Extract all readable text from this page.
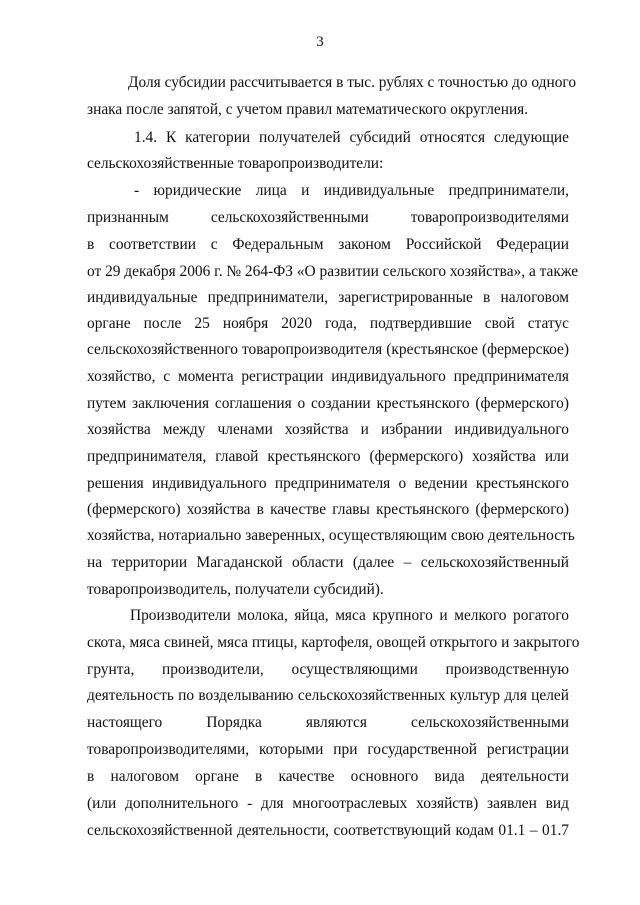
3
Доля субсидии рассчитывается в тыс. рублях с точностью до одного
знака после запятой, с учетом правил математического округления.
1.4. К категории получателей субсидий относятся следующие
сельскохозяйственные товаропроизводители:
- юридические лица и индивидуальные предприниматели,
признанным сельскохозяйственными товаропроизводителями
в соответствии с Федеральным законом Российской Федерации
от 29 декабря 2006 г. № 264-ФЗ «О развитии сельского хозяйства», а также
индивидуальные предприниматели, зарегистрированные в налоговом
органе после 25 ноября 2020 года, подтвердившие свой статус
сельскохозяйственного товаропроизводителя (крестьянское (фермерское)
хозяйство, с момента регистрации индивидуального предпринимателя
путем заключения соглашения о создании крестьянского (фермерского)
хозяйства между членами хозяйства и избрании индивидуального
предпринимателя, главой крестьянского (фермерского) хозяйства или
решения индивидуального предпринимателя о ведении крестьянского
(фермерского) хозяйства в качестве главы крестьянского (фермерского)
хозяйства, нотариально заверенных, осуществляющим свою деятельность
на территории Магаданской области (далее – сельскохозяйственный
товаропроизводитель, получатели субсидий).
Производители молока, яйца, мяса крупного и мелкого рогатого
скота, мяса свиней, мяса птицы, картофеля, овощей открытого и закрытого
грунта, производители, осуществляющими производственную
деятельность по возделыванию сельскохозяйственных культур для целей
настоящего Порядка являются сельскохозяйственными
товаропроизводителями, которыми при государственной регистрации
в налоговом органе в качестве основного вида деятельности
(или дополнительного - для многоотраслевых хозяйств) заявлен вид
сельскохозяйственной деятельности, соответствующий кодам 01.1 – 01.7
